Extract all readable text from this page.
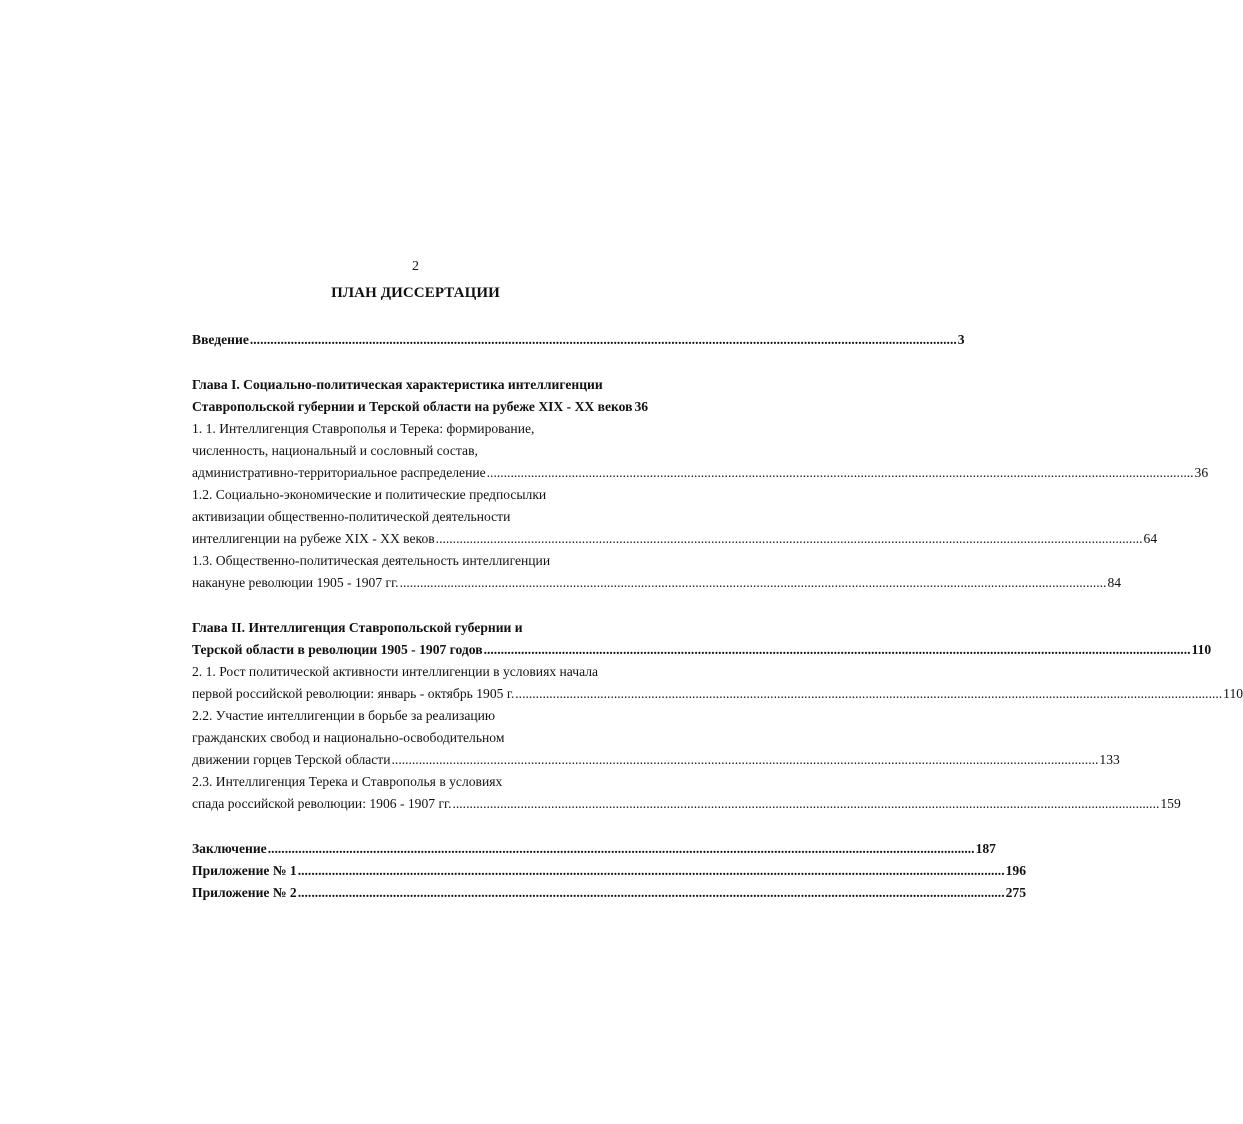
2
ПЛАН ДИССЕРТАЦИИ
Введение .....	3
Глава I. Социально-политическая характеристика интеллигенции
Ставропольской губернии и Терской области на рубеже XIX - XX веков 36
1. 1. Интеллигенция Ставрополья и Терека: формирование,
численность, национальный и сословный состав,
административно-территориальное распределение .....	36
1.2. Социально-экономические и политические предпосылки
активизации общественно-политической деятельности
интеллигенции на рубеже XIX - XX веков .....	64
1.3. Общественно-политическая деятельность интеллигенции
накануне революции 1905 - 1907 гг. .....	84
Глава II. Интеллигенция Ставропольской губернии и
Терской области в революции 1905 - 1907 годов .....	110
2. 1. Рост политической активности интеллигенции в условиях начала
первой российской революции: январь - октябрь 1905 г. .....	110
2.2. Участие интеллигенции в борьбе за реализацию
гражданских свобод и национально-освободительном
движении горцев Терской области .....	133
2.3. Интеллигенция Терека и Ставрополья в условиях
спада российской революции: 1906 - 1907 гг. .....	159
Заключение .....	187
Приложение № 1 .....	196
Приложение № 2 .....	275
